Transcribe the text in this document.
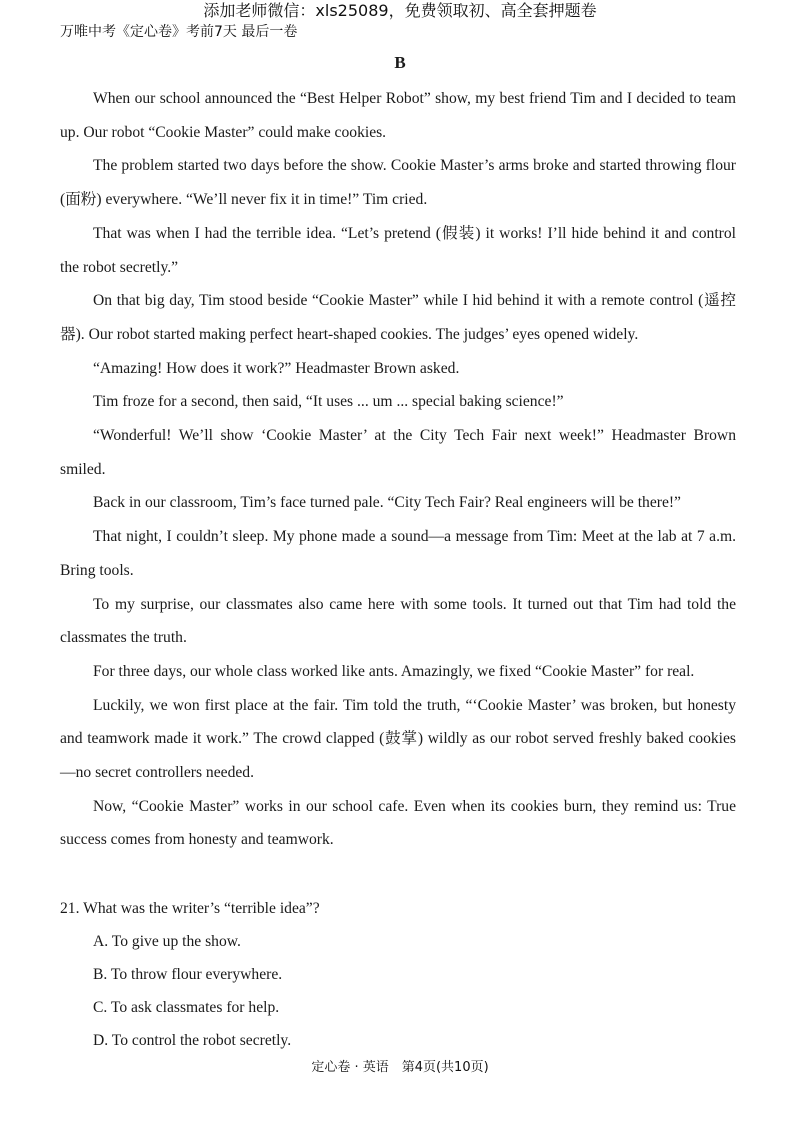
添加老师微信：xls25089，免费领取初、高全套押题卷
万唯中考《定心卷》考前7天 最后一卷
B

When our school announced the “Best Helper Robot” show, my best friend Tim and I decided to team up. Our robot “Cookie Master” could make cookies.

The problem started two days before the show. Cookie Master’s arms broke and started throwing flour (面粉) everywhere. “We’ll never fix it in time!” Tim cried.

That was when I had the terrible idea. “Let’s pretend (假装) it works! I’ll hide behind it and control the robot secretly.”

On that big day, Tim stood beside “Cookie Master” while I hid behind it with a remote control (遥控器). Our robot started making perfect heart-shaped cookies. The judges’ eyes opened widely.

“Amazing! How does it work?” Headmaster Brown asked.

Tim froze for a second, then said, “It uses ... um ... special baking science!”

“Wonderful! We’ll show ‘Cookie Master’ at the City Tech Fair next week!” Headmaster Brown smiled.

Back in our classroom, Tim’s face turned pale. “City Tech Fair? Real engineers will be there!”

That night, I couldn’t sleep. My phone made a sound—a message from Tim: Meet at the lab at 7 a.m. Bring tools.

To my surprise, our classmates also came here with some tools. It turned out that Tim had told the classmates the truth.

For three days, our whole class worked like ants. Amazingly, we fixed “Cookie Master” for real.

Luckily, we won first place at the fair. Tim told the truth, “‘Cookie Master’ was broken, but honesty and teamwork made it work.” The crowd clapped (鼓掌) wildly as our robot served freshly baked cookies—no secret controllers needed.

Now, “Cookie Master” works in our school cafe. Even when its cookies burn, they remind us: True success comes from honesty and teamwork.

21. What was the writer’s “terrible idea”?
A. To give up the show.
B. To throw flour everywhere.
C. To ask classmates for help.
D. To control the robot secretly.
定心卷 · 英语　第4页(共10页)
